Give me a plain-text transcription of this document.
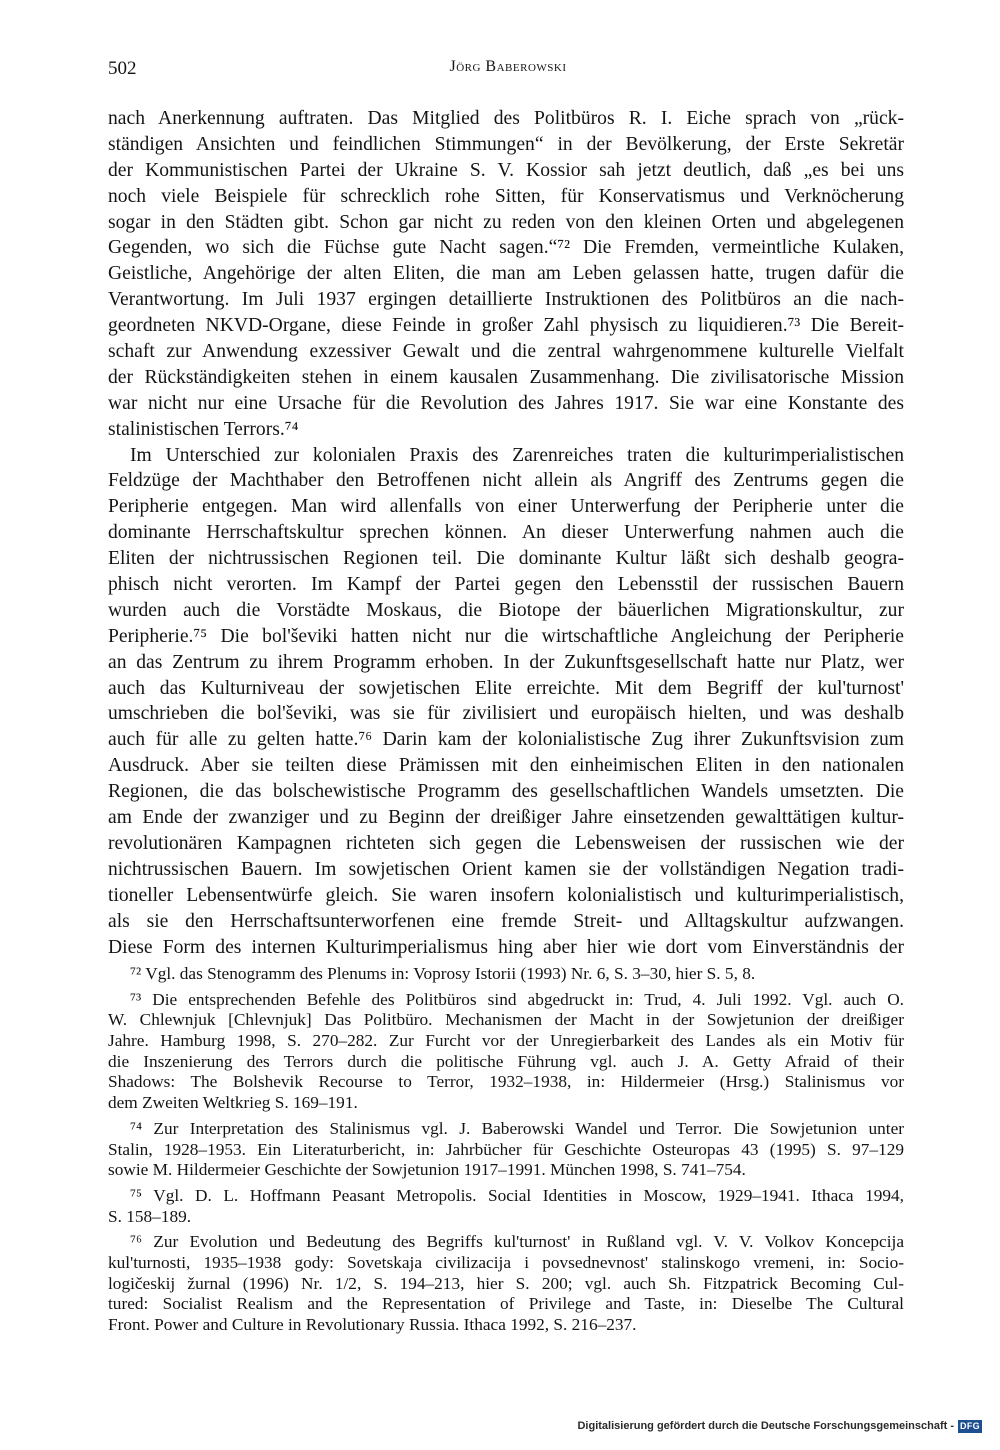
502	Jörg Baberowski
nach Anerkennung auftraten. Das Mitglied des Politbüros R. I. Eiche sprach von „rück-
ständigen Ansichten und feindlichen Stimmungen“ in der Bevölkerung, der Erste Sekretär
der Kommunistischen Partei der Ukraine S. V. Kossior sah jetzt deutlich, daß „es bei uns
noch viele Beispiele für schrecklich rohe Sitten, für Konservatismus und Verknöcherung
sogar in den Städten gibt. Schon gar nicht zu reden von den kleinen Orten und abgelegenen
Gegenden, wo sich die Füchse gute Nacht sagen.“⁷² Die Fremden, vermeintliche Kulaken,
Geistliche, Angehörige der alten Eliten, die man am Leben gelassen hatte, trugen dafür die
Verantwortung. Im Juli 1937 ergingen detaillierte Instruktionen des Politbüros an die nach-
geordneten NKVD-Organe, diese Feinde in großer Zahl physisch zu liquidieren.⁷³ Die Bereit-
schaft zur Anwendung exzessiver Gewalt und die zentral wahrgenommene kulturelle Vielfalt
der Rückständigkeiten stehen in einem kausalen Zusammenhang. Die zivilisatorische Mission
war nicht nur eine Ursache für die Revolution des Jahres 1917. Sie war eine Konstante des
stalinistischen Terrors.⁷⁴
Im Unterschied zur kolonialen Praxis des Zarenreiches traten die kulturimperialistischen
Feldzüge der Machthaber den Betroffenen nicht allein als Angriff des Zentrums gegen die
Peripherie entgegen. Man wird allenfalls von einer Unterwerfung der Peripherie unter die
dominante Herrschaftskultur sprechen können. An dieser Unterwerfung nahmen auch die
Eliten der nichtrussischen Regionen teil. Die dominante Kultur läßt sich deshalb geogra-
phisch nicht verorten. Im Kampf der Partei gegen den Lebensstil der russischen Bauern
wurden auch die Vorstädte Moskaus, die Biotope der bäuerlichen Migrationskultur, zur
Peripherie.⁷⁵ Die bol'ševiki hatten nicht nur die wirtschaftliche Angleichung der Peripherie
an das Zentrum zu ihrem Programm erhoben. In der Zukunftsgesellschaft hatte nur Platz, wer
auch das Kulturniveau der sowjetischen Elite erreichte. Mit dem Begriff der kul'turnost'
umschrieben die bol'ševiki, was sie für zivilisiert und europäisch hielten, und was deshalb
auch für alle zu gelten hatte.⁷⁶ Darin kam der kolonialistische Zug ihrer Zukunftsvision zum
Ausdruck. Aber sie teilten diese Prämissen mit den einheimischen Eliten in den nationalen
Regionen, die das bolschewistische Programm des gesellschaftlichen Wandels umsetzten. Die
am Ende der zwanziger und zu Beginn der dreißiger Jahre einsetzenden gewalttätigen kultur-
revolutionären Kampagnen richteten sich gegen die Lebensweisen der russischen wie der
nichtrussischen Bauern. Im sowjetischen Orient kamen sie der vollständigen Negation tradi-
tioneller Lebensentwürfe gleich. Sie waren insofern kolonialistisch und kulturimperialistisch,
als sie den Herrschaftsunterworfenen eine fremde Streit- und Alltagskultur aufzwangen.
Diese Form des internen Kulturimperialismus hing aber hier wie dort vom Einverständnis der
⁷² Vgl. das Stenogramm des Plenums in: Voprosy Istorii (1993) Nr. 6, S. 3–30, hier S. 5, 8.
⁷³ Die entsprechenden Befehle des Politbüros sind abgedruckt in: Trud, 4. Juli 1992. Vgl. auch O.
W. Chlewnjuk [Chlevnjuk] Das Politbüro. Mechanismen der Macht in der Sowjetunion der dreißiger
Jahre. Hamburg 1998, S. 270–282. Zur Furcht vor der Unregierbarkeit des Landes als ein Motiv für
die Inszenierung des Terrors durch die politische Führung vgl. auch J. A. Getty Afraid of their
Shadows: The Bolshevik Recourse to Terror, 1932–1938, in: Hildermeier (Hrsg.) Stalinismus vor
dem Zweiten Weltkrieg S. 169–191.
⁷⁴ Zur Interpretation des Stalinismus vgl. J. Baberowski Wandel und Terror. Die Sowjetunion unter
Stalin, 1928–1953. Ein Literaturbericht, in: Jahrbücher für Geschichte Osteuropas 43 (1995) S. 97–129
sowie M. Hildermeier Geschichte der Sowjetunion 1917–1991. München 1998, S. 741–754.
⁷⁵ Vgl. D. L. Hoffmann Peasant Metropolis. Social Identities in Moscow, 1929–1941. Ithaca 1994,
S. 158–189.
⁷⁶ Zur Evolution und Bedeutung des Begriffs kul'turnost' in Rußland vgl. V. V. Volkov Koncepcija
kul'turnosti, 1935–1938 gody: Sovetskaja civilizacija i povsednevnost' stalinskogo vremeni, in: Socio-
logičeskij žurnal (1996) Nr. 1/2, S. 194–213, hier S. 200; vgl. auch Sh. Fitzpatrick Becoming Cul-
tured: Socialist Realism and the Representation of Privilege and Taste, in: Dieselbe The Cultural
Front. Power and Culture in Revolutionary Russia. Ithaca 1992, S. 216–237.
Digitalisierung gefördert durch die Deutsche Forschungsgemeinschaft - DFG
